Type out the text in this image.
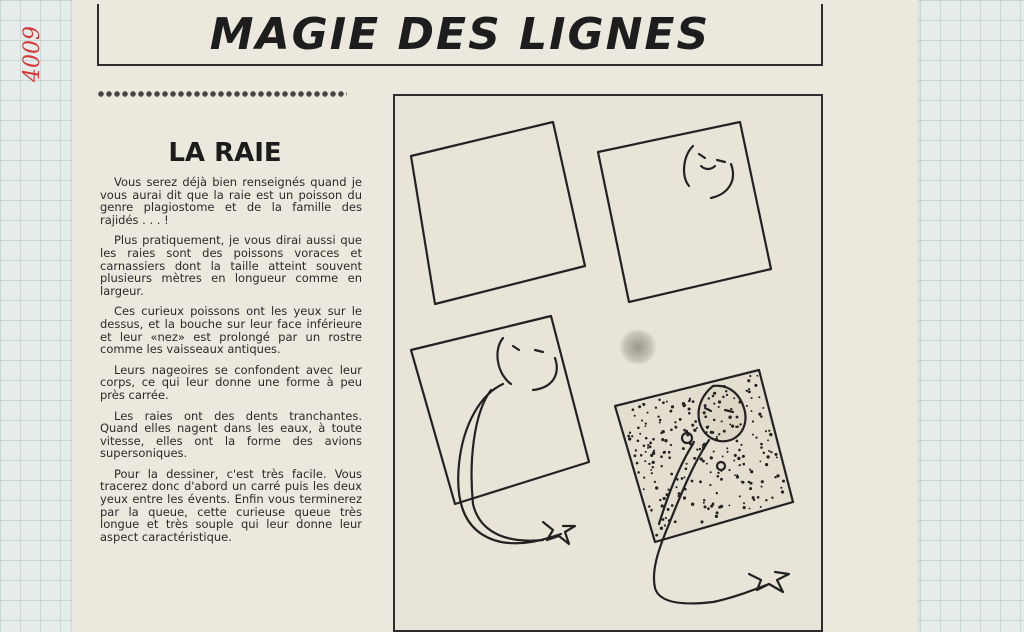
4009	MAGIE DES LIGNES
LA RAIE

Vous serez déjà bien renseignés quand je vous aurai dit que la raie est un poisson du genre plagiostome et de la famille des rajidés . . . !

Plus pratiquement, je vous dirai aussi que les raies sont des poissons voraces et carnassiers dont la taille atteint souvent plusieurs mètres en longueur comme en largeur.

Ces curieux poissons ont les yeux sur le dessus, et la bouche sur leur face inférieure et leur «nez» est prolongé par un rostre comme les vaisseaux antiques.

Leurs nageoires se confondent avec leur corps, ce qui leur donne une forme à peu près carrée.

Les raies ont des dents tranchantes. Quand elles nagent dans les eaux, à toute vitesse, elles ont la forme des avions supersoniques.

Pour la dessiner, c'est très facile. Vous tracerez donc d'abord un carré puis les deux yeux entre les évents. Enfin vous terminerez par la queue, cette curieuse queue très longue et très souple qui leur donne leur aspect caractéristique.
